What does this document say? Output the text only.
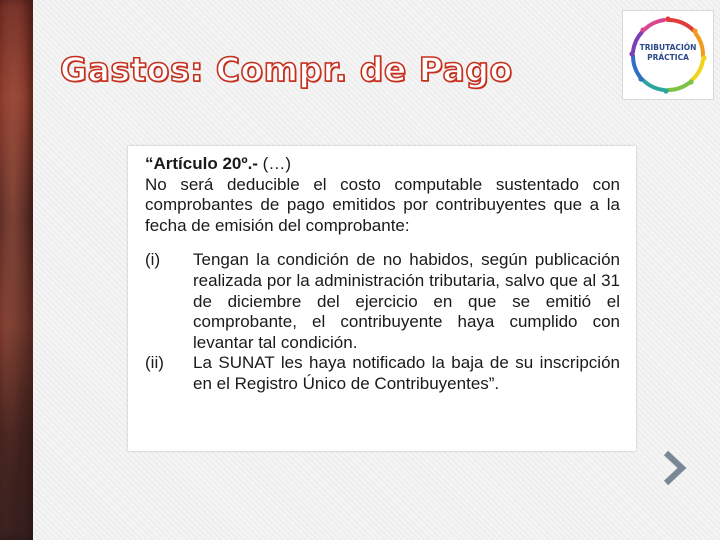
Gastos: Compr. de Pago
TRIBUTACIÓN
PRÁCTICA

“Artículo 20º.- (…)

No será deducible el costo computable sustentado con comprobantes de pago emitidos por contribuyentes que a la fecha de emisión del comprobante:

(i)	Tengan la condición de no habidos, según publicación realizada por la administración tributaria, salvo que al 31 de diciembre del ejercicio en que se emitió el comprobante, el contribuyente haya cumplido con levantar tal condición.
(ii)	La SUNAT les haya notificado la baja de su inscripción en el Registro Único de Contribuyentes”.
